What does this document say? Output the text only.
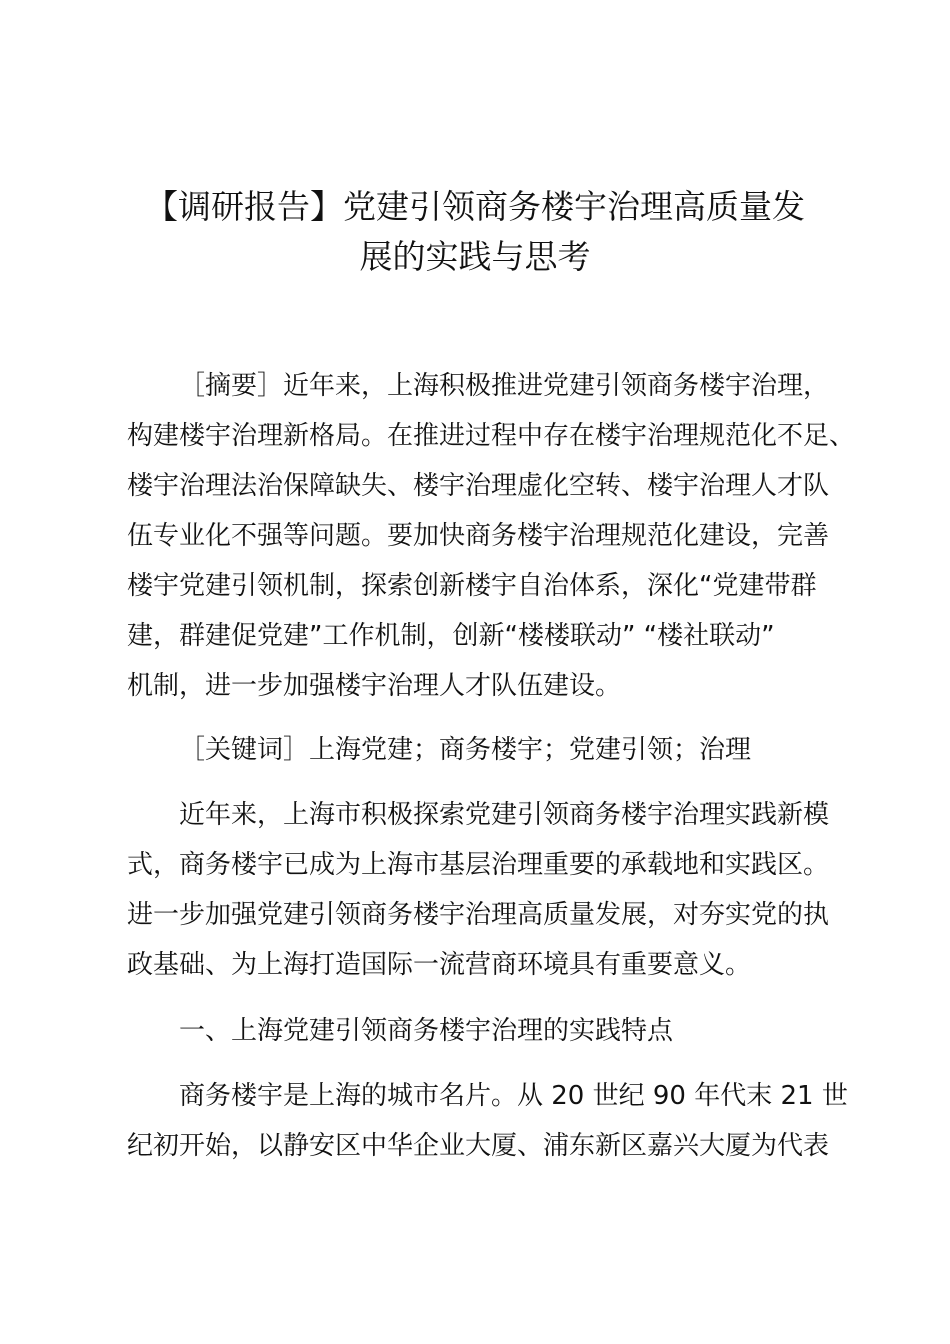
【调研报告】党建引领商务楼宇治理高质量发
展的实践与思考
［摘要］近年来，上海积极推进党建引领商务楼宇治理，
构建楼宇治理新格局。在推进过程中存在楼宇治理规范化不足、
楼宇治理法治保障缺失、楼宇治理虚化空转、楼宇治理人才队
伍专业化不强等问题。要加快商务楼宇治理规范化建设，完善
楼宇党建引领机制，探索创新楼宇自治体系，深化“党建带群
建，群建促党建”工作机制，创新“楼楼联动” “楼社联动”
机制，进一步加强楼宇治理人才队伍建设。
［关键词］上海党建；商务楼宇；党建引领；治理
近年来，上海市积极探索党建引领商务楼宇治理实践新模
式，商务楼宇已成为上海市基层治理重要的承载地和实践区。
进一步加强党建引领商务楼宇治理高质量发展，对夯实党的执
政基础、为上海打造国际一流营商环境具有重要意义。
一、上海党建引领商务楼宇治理的实践特点
商务楼宇是上海的城市名片。从 20 世纪 90 年代末 21 世
纪初开始，以静安区中华企业大厦、浦东新区嘉兴大厦为代表
